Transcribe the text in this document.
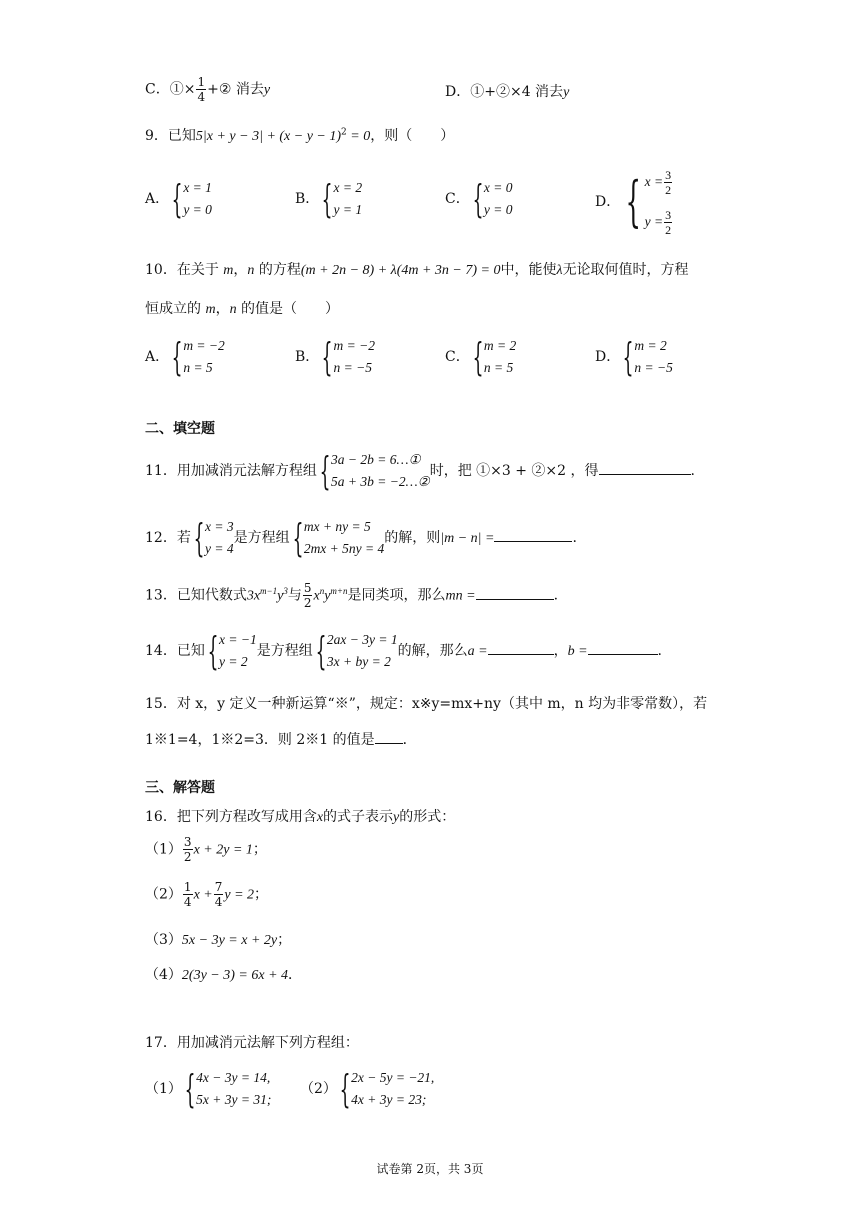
C．①× $\frac{1}{4}$ +② 消去y	D．①+②×4 消去y
9．已知$5|x + y - 3| + (x - y - 1)^2 = 0$，则（　　）
A． { x = 1
y = 0
B． { x = 2
y = 1
C． { x = 0
y = 0	D． { $x = \frac{3}{2}$
$y = \frac{3}{2}$
10．在关于 m，n 的方程(m + 2n − 8) + λ(4m + 3n − 7) = 0中，能使λ无论取何值时，方程
恒成立的 m，n 的值是（　　）
A． { m = −2
n = 5
B． { m = −2
n = −5
C． { m = 2
n = 5
D． { m = 2
n = −5
二、填空题
11．用加减消元法解方程组 { 3a − 2b = 6…①
5a + 3b = −2…②
时，把 ①×3 + ②×2 ，得	.
12．若 { x = 3
y = 4
是方程组 { mx + ny = 5
2mx + 5ny = 4
的解，则|m − n| =	.
13．已知代数式$3x^{m-1}y^3$与 $\frac{5}{2} x^ny^{m+n}$是同类项，那么mn =	.
14．已知 { x = −1
y = 2
是方程组 { 2ax − 3y = 1
3x + by = 2
的解，那么a =	，b =	.
15．对 x，y 定义一种新运算“※”，规定：x※y=mx+ny（其中 m，n 均为非零常数），若
1※1=4，1※2=3．则 2※1 的值是 ．
三、解答题
16．把下列方程改写成用含x的式子表示y的形式：
$(1) \frac{3}{2}$ x + 2y = 1；
$(2) \frac{1}{4}$ $x + \frac{7}{4}$ y = 2；
（3）5x − 3y = x + 2y；
（4）2(3y − 3) = 6x + 4．
17．用加减消元法解下列方程组：
（1） { 4x − 3y = 14,
5x + 3y = 31;
（2） { 2x − 5y = −21,
4x + 3y = 23;
试卷第 2页，共 3页
